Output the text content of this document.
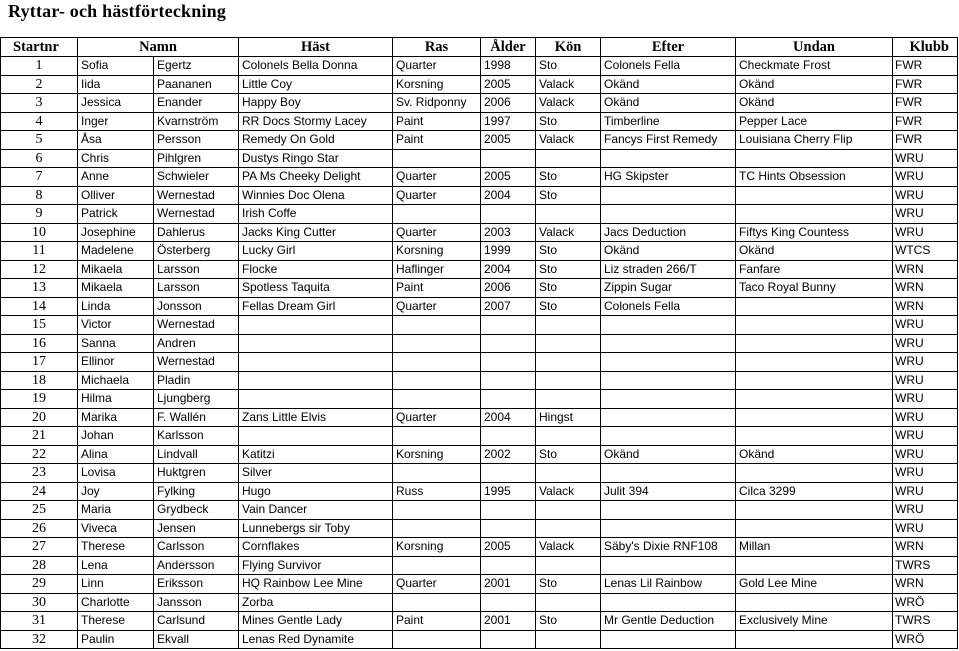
Ryttar- och hästförteckning
Startnr	Namn		Häst	Ras	Ålder	Kön	Efter	Undan	Klubb
1	Sofia	Egertz	Colonels Bella Donna	Quarter	1998	Sto	Colonels Fella	Checkmate Frost	FWR
2	Iida	Paananen	Little Coy	Korsning	2005	Valack	Okänd	Okänd	FWR
3	Jessica	Enander	Happy Boy	Sv. Ridponny	2006	Valack	Okänd	Okänd	FWR
4	Inger	Kvarnström	RR Docs Stormy Lacey	Paint	1997	Sto	Timberline	Pepper Lace	FWR
5	Åsa	Persson	Remedy On Gold	Paint	2005	Valack	Fancys First Remedy	Louisiana Cherry Flip	FWR
6	Chris	Pihlgren	Dustys Ringo Star						WRU
7	Anne	Schwieler	PA Ms Cheeky Delight	Quarter	2005	Sto	HG Skipster	TC Hints Obsession	WRU
8	Olliver	Wernestad	Winnies Doc Olena	Quarter	2004	Sto			WRU
9	Patrick	Wernestad	Irish Coffe						WRU
10	Josephine	Dahlerus	Jacks King Cutter	Quarter	2003	Valack	Jacs Deduction	Fiftys King Countess	WRU
11	Madelene	Österberg	Lucky Girl	Korsning	1999	Sto	Okänd	Okänd	WTCS
12	Mikaela	Larsson	Flocke	Haflinger	2004	Sto	Liz straden 266/T	Fanfare	WRN
13	Mikaela	Larsson	Spotless Taquita	Paint	2006	Sto	Zippin Sugar	Taco Royal Bunny	WRN
14	Linda	Jonsson	Fellas Dream Girl	Quarter	2007	Sto	Colonels Fella		WRN
15	Victor	Wernestad							WRU
16	Sanna	Andren							WRU
17	Ellinor	Wernestad							WRU
18	Michaela	Pladin							WRU
19	Hilma	Ljungberg							WRU
20	Marika	F. Wallén	Zans Little Elvis	Quarter	2004	Hingst			WRU
21	Johan	Karlsson							WRU
22	Alina	Lindvall	Katitzi	Korsning	2002	Sto	Okänd	Okänd	WRU
23	Lovisa	Huktgren	Silver						WRU
24	Joy	Fylking	Hugo	Russ	1995	Valack	Julit 394	Cilca 3299	WRU
25	Maria	Grydbeck	Vain Dancer						WRU
26	Viveca	Jensen	Lunnebergs sir Toby						WRU
27	Therese	Carlsson	Cornflakes	Korsning	2005	Valack	Säby's Dixie RNF108	Millan	WRN
28	Lena	Andersson	Flying Survivor						TWRS
29	Linn	Eriksson	HQ Rainbow Lee Mine	Quarter	2001	Sto	Lenas Lil Rainbow	Gold Lee Mine	WRN
30	Charlotte	Jansson	Zorba						WRÖ
31	Therese	Carlsund	Mines Gentle Lady	Paint	2001	Sto	Mr Gentle Deduction	Exclusively Mine	TWRS
32	Paulin	Ekvall	Lenas Red Dynamite						WRÖ
